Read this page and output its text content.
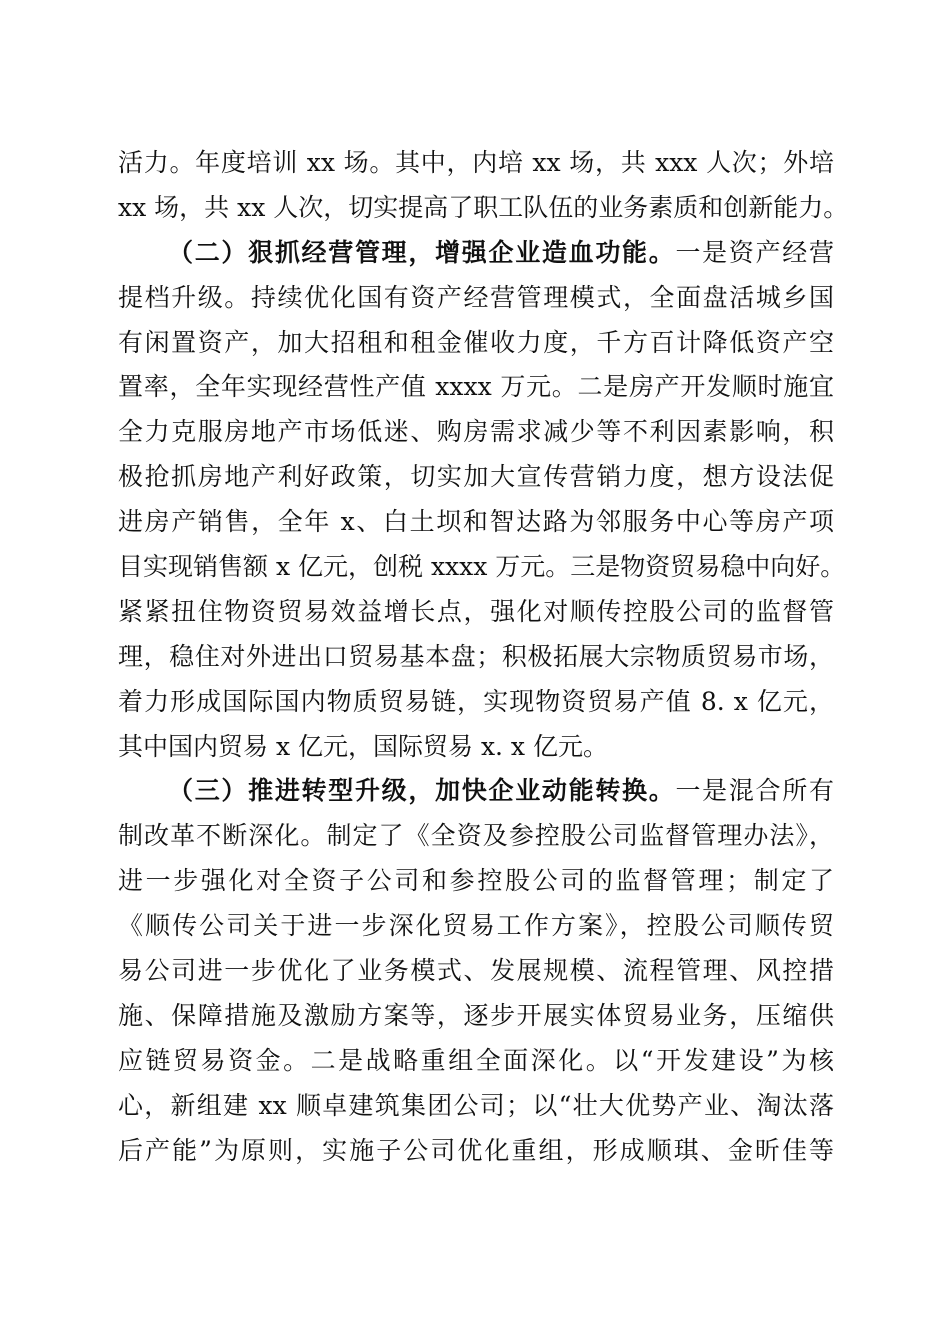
活力。年度培训 xx 场。其中，内培 xx 场，共 xxx 人次；外培
xx 场，共 xx 人次，切实提高了职工队伍的业务素质和创新能力。
（二）狠抓经营管理，增强企业造血功能。一是资产经营
提档升级。持续优化国有资产经营管理模式，全面盘活城乡国
有闲置资产，加大招租和租金催收力度，千方百计降低资产空
置率，全年实现经营性产值 xxxx 万元。二是房产开发顺时施宜
全力克服房地产市场低迷、购房需求减少等不利因素影响，积
极抢抓房地产利好政策，切实加大宣传营销力度，想方设法促
进房产销售，全年 x、白土坝和智达路为邻服务中心等房产项
目实现销售额 x 亿元，创税 xxxx 万元。三是物资贸易稳中向好。
紧紧扭住物资贸易效益增长点，强化对顺传控股公司的监督管
理，稳住对外进出口贸易基本盘；积极拓展大宗物质贸易市场，
着力形成国际国内物质贸易链，实现物资贸易产值 8. x 亿元，
其中国内贸易 x 亿元，国际贸易 x. x 亿元。
（三）推进转型升级，加快企业动能转换。一是混合所有
制改革不断深化。制定了《全资及参控股公司监督管理办法》，
进一步强化对全资子公司和参控股公司的监督管理；制定了
《顺传公司关于进一步深化贸易工作方案》，控股公司顺传贸
易公司进一步优化了业务模式、发展规模、流程管理、风控措
施、保障措施及激励方案等，逐步开展实体贸易业务，压缩供
应链贸易资金。二是战略重组全面深化。以“开发建设”为核
心，新组建 xx 顺卓建筑集团公司；以“壮大优势产业、淘汰落
后产能”为原则，实施子公司优化重组，形成顺琪、金昕佳等
